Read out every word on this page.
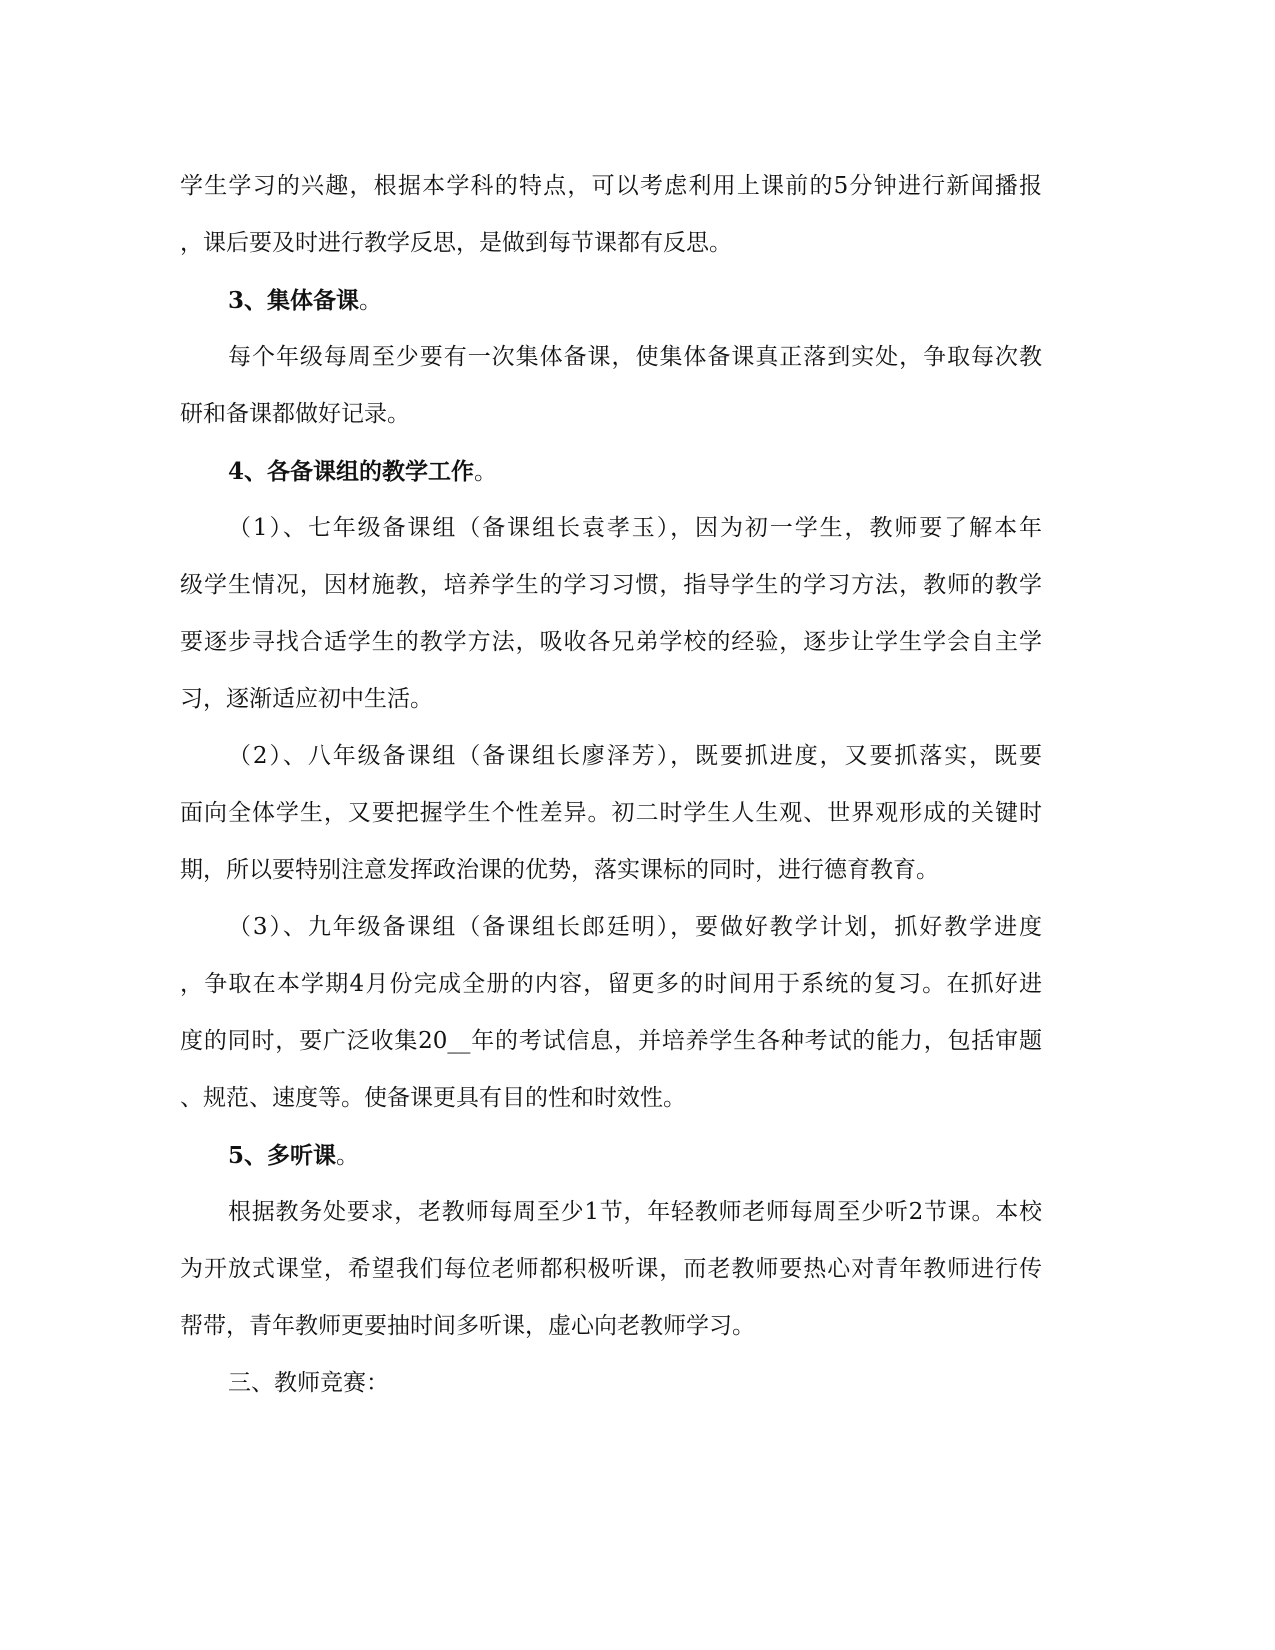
学生学习的兴趣，根据本学科的特点，可以考虑利用上课前的5分钟进行新闻播报
，课后要及时进行教学反思，是做到每节课都有反思。
3、集体备课。
每个年级每周至少要有一次集体备课，使集体备课真正落到实处，争取每次教
研和备课都做好记录。
4、各备课组的教学工作。
（1）、七年级备课组（备课组长袁孝玉），因为初一学生，教师要了解本年
级学生情况，因材施教，培养学生的学习习惯，指导学生的学习方法，教师的教学
要逐步寻找合适学生的教学方法，吸收各兄弟学校的经验，逐步让学生学会自主学
习，逐渐适应初中生活。
（2）、八年级备课组（备课组长廖泽芳），既要抓进度，又要抓落实，既要
面向全体学生，又要把握学生个性差异。初二时学生人生观、世界观形成的关键时
期，所以要特别注意发挥政治课的优势，落实课标的同时，进行德育教育。
（3）、九年级备课组（备课组长郎廷明），要做好教学计划，抓好教学进度
，争取在本学期4月份完成全册的内容，留更多的时间用于系统的复习。在抓好进
度的同时，要广泛收集20__年的考试信息，并培养学生各种考试的能力，包括审题
、规范、速度等。使备课更具有目的性和时效性。
5、多听课。
根据教务处要求，老教师每周至少1节，年轻教师老师每周至少听2节课。本校
为开放式课堂，希望我们每位老师都积极听课，而老教师要热心对青年教师进行传
帮带，青年教师更要抽时间多听课，虚心向老教师学习。
三、教师竞赛：
